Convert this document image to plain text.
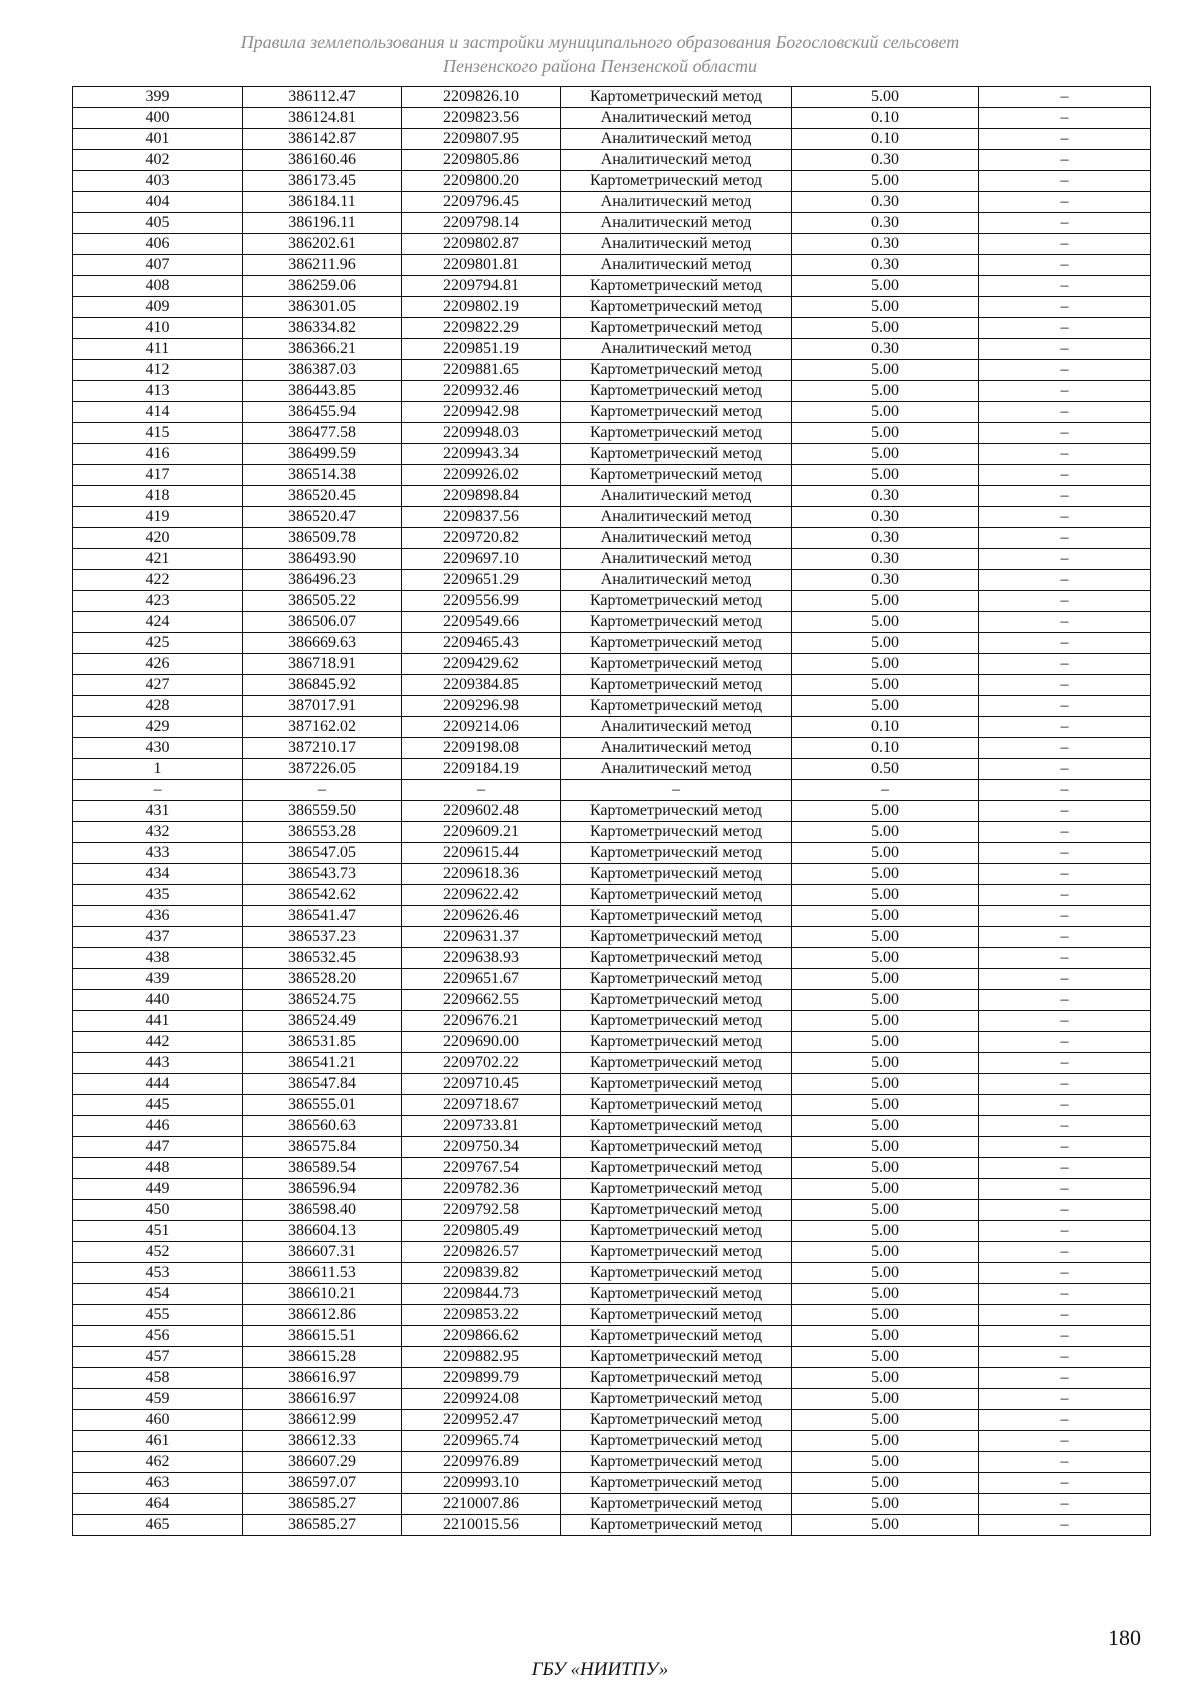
Правила землепользования и застройки муниципального образования Богословский сельсовет
Пензенского района Пензенской области
399	386112.47	2209826.10	Картометрический метод	5.00	–
400	386124.81	2209823.56	Аналитический метод	0.10	–
401	386142.87	2209807.95	Аналитический метод	0.10	–
402	386160.46	2209805.86	Аналитический метод	0.30	–
403	386173.45	2209800.20	Картометрический метод	5.00	–
404	386184.11	2209796.45	Аналитический метод	0.30	–
405	386196.11	2209798.14	Аналитический метод	0.30	–
406	386202.61	2209802.87	Аналитический метод	0.30	–
407	386211.96	2209801.81	Аналитический метод	0.30	–
408	386259.06	2209794.81	Картометрический метод	5.00	–
409	386301.05	2209802.19	Картометрический метод	5.00	–
410	386334.82	2209822.29	Картометрический метод	5.00	–
411	386366.21	2209851.19	Аналитический метод	0.30	–
412	386387.03	2209881.65	Картометрический метод	5.00	–
413	386443.85	2209932.46	Картометрический метод	5.00	–
414	386455.94	2209942.98	Картометрический метод	5.00	–
415	386477.58	2209948.03	Картометрический метод	5.00	–
416	386499.59	2209943.34	Картометрический метод	5.00	–
417	386514.38	2209926.02	Картометрический метод	5.00	–
418	386520.45	2209898.84	Аналитический метод	0.30	–
419	386520.47	2209837.56	Аналитический метод	0.30	–
420	386509.78	2209720.82	Аналитический метод	0.30	–
421	386493.90	2209697.10	Аналитический метод	0.30	–
422	386496.23	2209651.29	Аналитический метод	0.30	–
423	386505.22	2209556.99	Картометрический метод	5.00	–
424	386506.07	2209549.66	Картометрический метод	5.00	–
425	386669.63	2209465.43	Картометрический метод	5.00	–
426	386718.91	2209429.62	Картометрический метод	5.00	–
427	386845.92	2209384.85	Картометрический метод	5.00	–
428	387017.91	2209296.98	Картометрический метод	5.00	–
429	387162.02	2209214.06	Аналитический метод	0.10	–
430	387210.17	2209198.08	Аналитический метод	0.10	–
1	387226.05	2209184.19	Аналитический метод	0.50	–
–	–	–	–	–	–
431	386559.50	2209602.48	Картометрический метод	5.00	–
432	386553.28	2209609.21	Картометрический метод	5.00	–
433	386547.05	2209615.44	Картометрический метод	5.00	–
434	386543.73	2209618.36	Картометрический метод	5.00	–
435	386542.62	2209622.42	Картометрический метод	5.00	–
436	386541.47	2209626.46	Картометрический метод	5.00	–
437	386537.23	2209631.37	Картометрический метод	5.00	–
438	386532.45	2209638.93	Картометрический метод	5.00	–
439	386528.20	2209651.67	Картометрический метод	5.00	–
440	386524.75	2209662.55	Картометрический метод	5.00	–
441	386524.49	2209676.21	Картометрический метод	5.00	–
442	386531.85	2209690.00	Картометрический метод	5.00	–
443	386541.21	2209702.22	Картометрический метод	5.00	–
444	386547.84	2209710.45	Картометрический метод	5.00	–
445	386555.01	2209718.67	Картометрический метод	5.00	–
446	386560.63	2209733.81	Картометрический метод	5.00	–
447	386575.84	2209750.34	Картометрический метод	5.00	–
448	386589.54	2209767.54	Картометрический метод	5.00	–
449	386596.94	2209782.36	Картометрический метод	5.00	–
450	386598.40	2209792.58	Картометрический метод	5.00	–
451	386604.13	2209805.49	Картометрический метод	5.00	–
452	386607.31	2209826.57	Картометрический метод	5.00	–
453	386611.53	2209839.82	Картометрический метод	5.00	–
454	386610.21	2209844.73	Картометрический метод	5.00	–
455	386612.86	2209853.22	Картометрический метод	5.00	–
456	386615.51	2209866.62	Картометрический метод	5.00	–
457	386615.28	2209882.95	Картометрический метод	5.00	–
458	386616.97	2209899.79	Картометрический метод	5.00	–
459	386616.97	2209924.08	Картометрический метод	5.00	–
460	386612.99	2209952.47	Картометрический метод	5.00	–
461	386612.33	2209965.74	Картометрический метод	5.00	–
462	386607.29	2209976.89	Картометрический метод	5.00	–
463	386597.07	2209993.10	Картометрический метод	5.00	–
464	386585.27	2210007.86	Картометрический метод	5.00	–
465	386585.27	2210015.56	Картометрический метод	5.00	–
180
ГБУ «НИИТПУ»
